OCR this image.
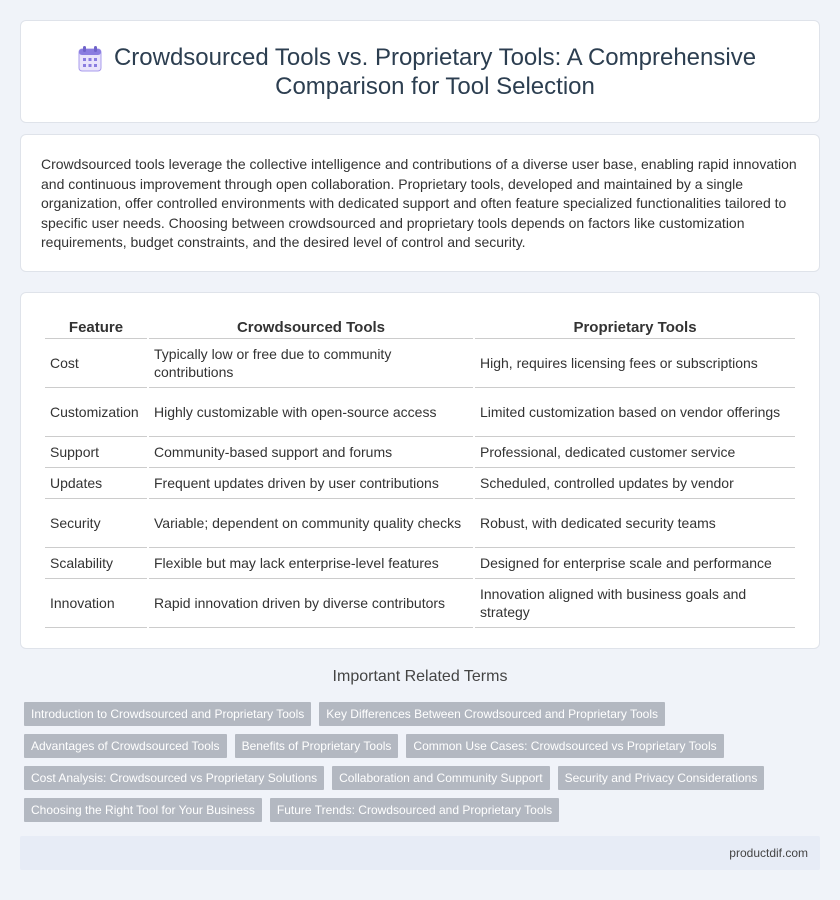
Crowdsourced Tools vs. Proprietary Tools: A Comprehensive Comparison for Tool Selection

Crowdsourced tools leverage the collective intelligence and contributions of a diverse user base, enabling rapid innovation and continuous improvement through open collaboration. Proprietary tools, developed and maintained by a single organization, offer controlled environments with dedicated support and often feature specialized functionalities tailored to specific user needs. Choosing between crowdsourced and proprietary tools depends on factors like customization requirements, budget constraints, and the desired level of control and security.

Feature	Crowdsourced Tools	Proprietary Tools
Cost	Typically low or free due to community contributions	High, requires licensing fees or subscriptions
Customization	Highly customizable with open-source access	Limited customization based on vendor offerings
Support	Community-based support and forums	Professional, dedicated customer service
Updates	Frequent updates driven by user contributions	Scheduled, controlled updates by vendor
Security	Variable; dependent on community quality checks	Robust, with dedicated security teams
Scalability	Flexible but may lack enterprise-level features	Designed for enterprise scale and performance
Innovation	Rapid innovation driven by diverse contributors	Innovation aligned with business goals and strategy
Important Related Terms
Introduction to Crowdsourced and Proprietary Tools	Key Differences Between Crowdsourced and Proprietary Tools
Advantages of Crowdsourced Tools	Benefits of Proprietary Tools	Common Use Cases: Crowdsourced vs Proprietary Tools
Cost Analysis: Crowdsourced vs Proprietary Solutions	Collaboration and Community Support	Security and Privacy Considerations
Choosing the Right Tool for Your Business	Future Trends: Crowdsourced and Proprietary Tools
productdif.com
